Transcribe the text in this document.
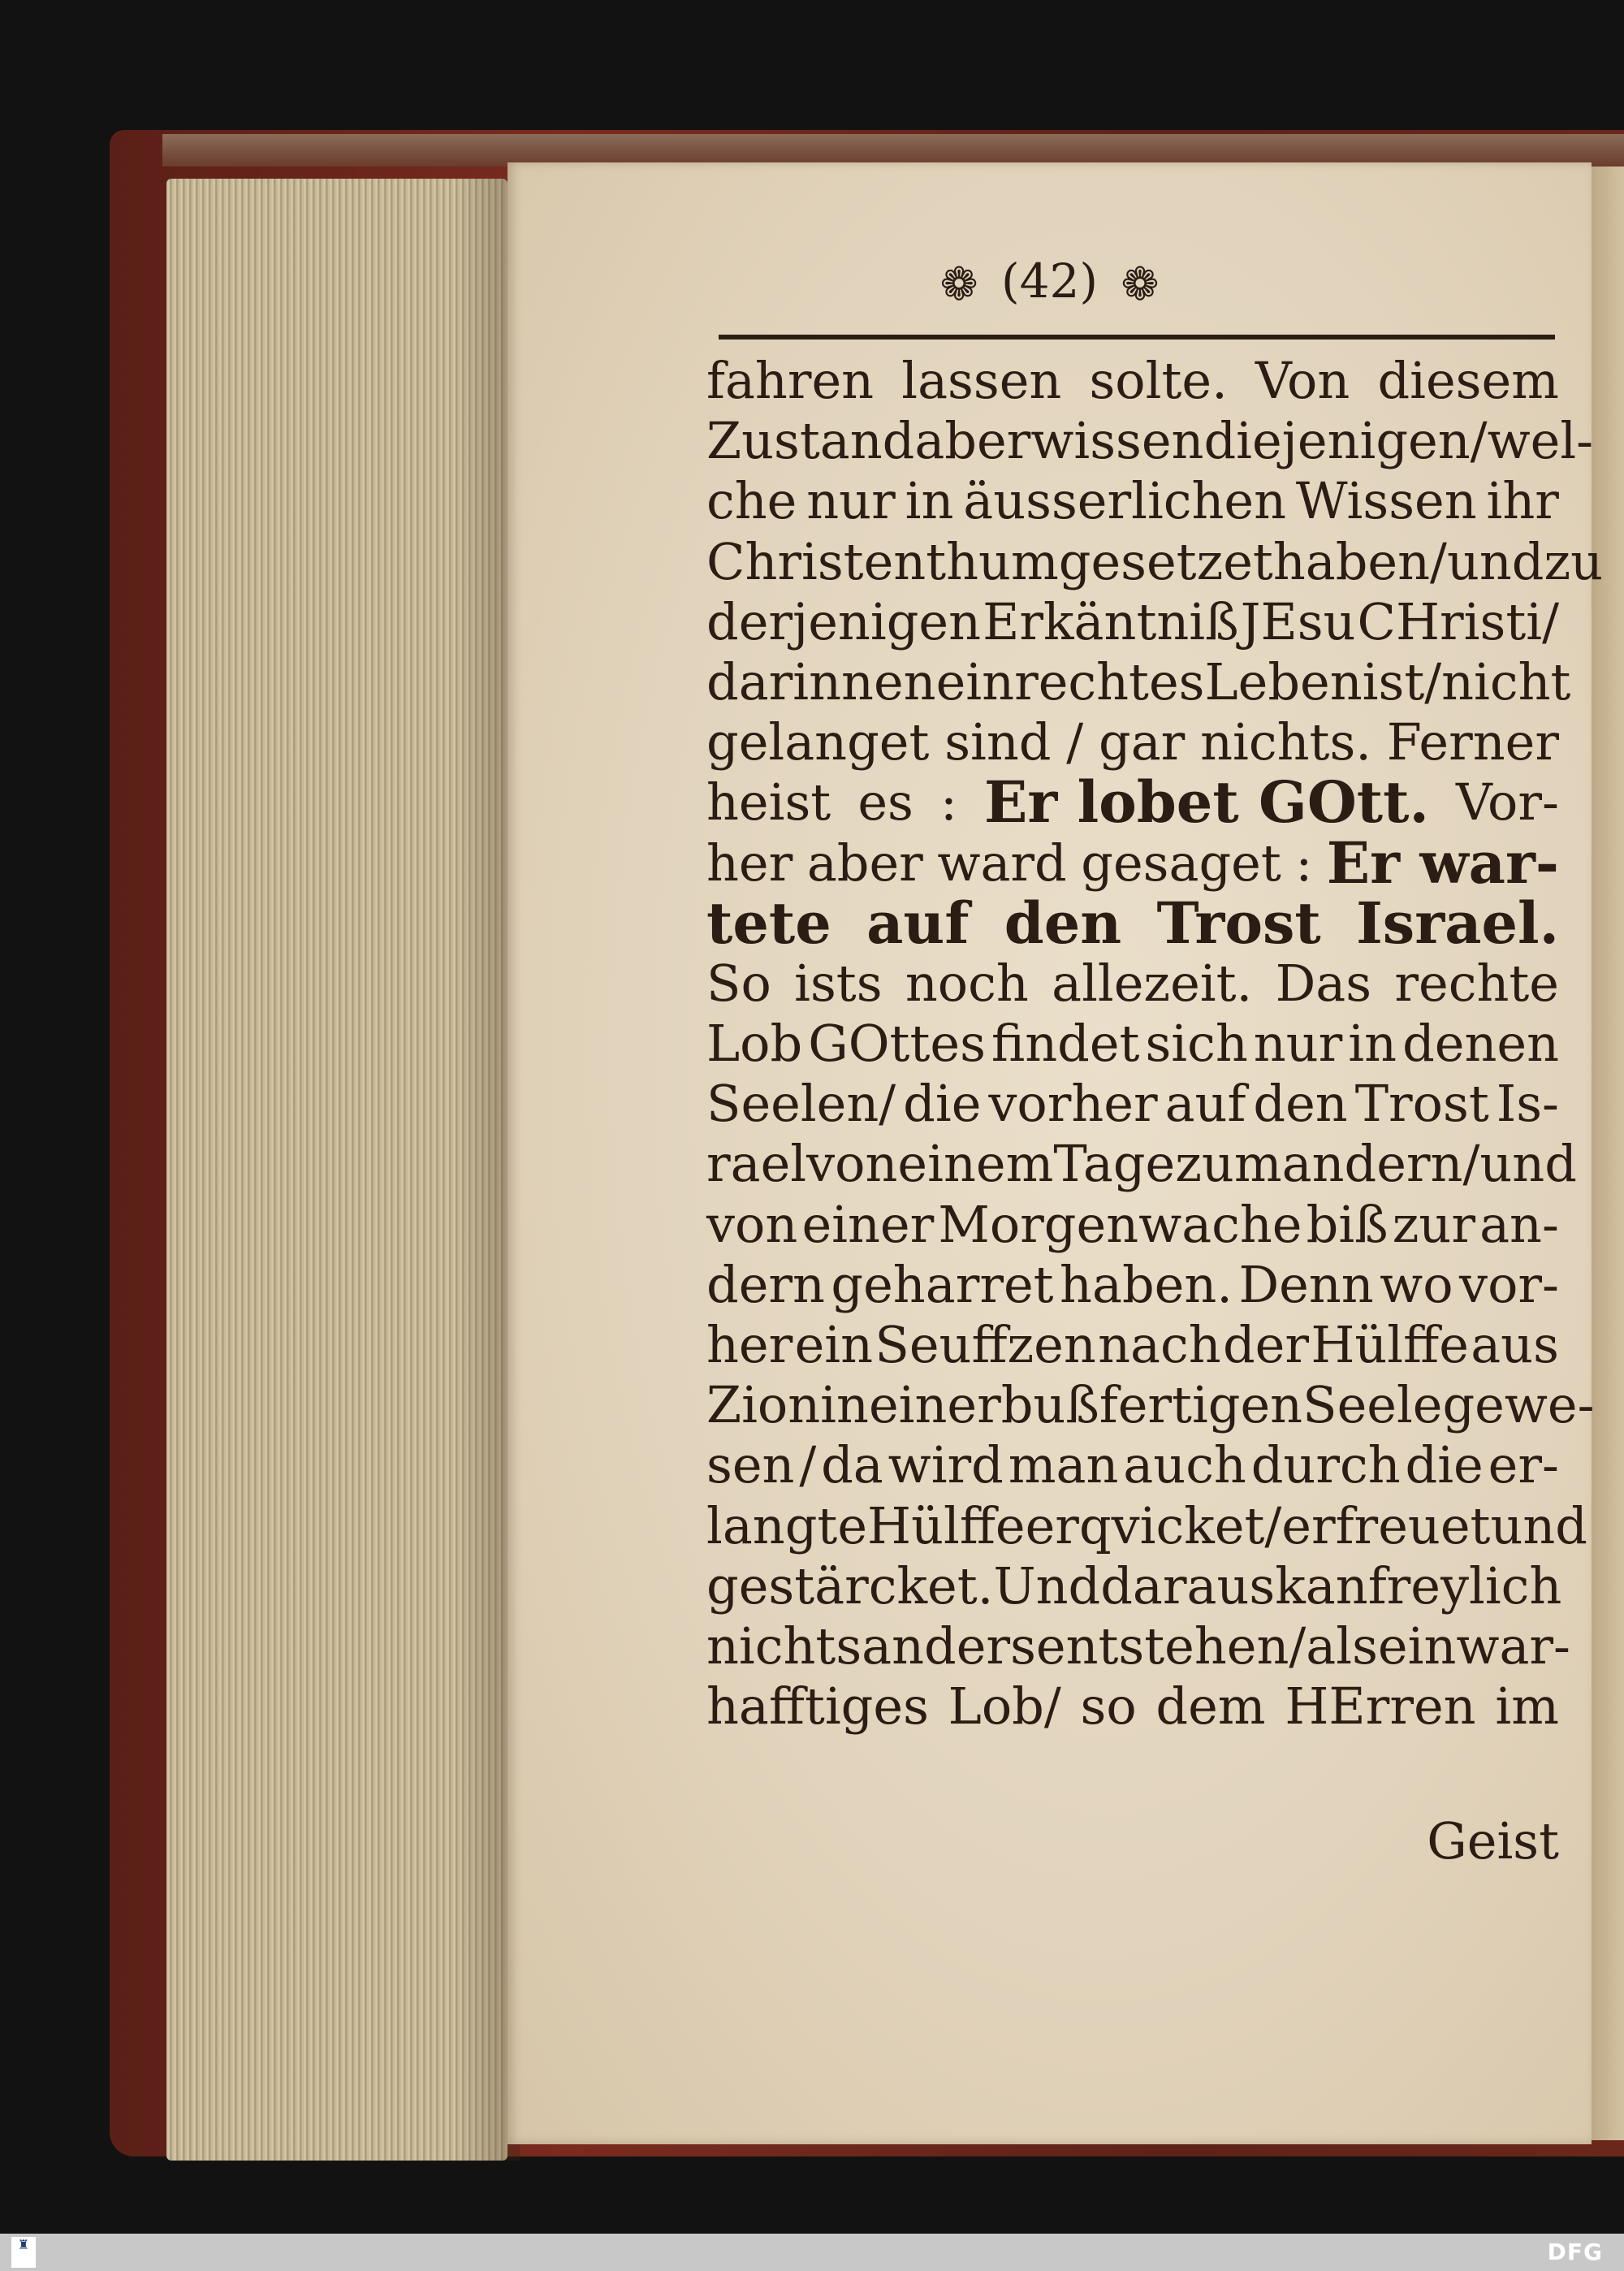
❁ (42) ❁
fahren lassen solte. Von diesem
Zustand aber wissen diejenigen/ wel-
che nur in äusserlichen Wissen ihr
Christenthum gesetzet haben/ und zu
derjenigen Erkäntniß JEsu CHristi/
darinnen ein rechtes Leben ist/ nicht
gelanget sind / gar nichts. Ferner
heist es : Er lobet GOtt. Vor-
her aber ward gesaget : Er war-
tete auf den Trost Israel.
So ists noch allezeit. Das rechte
Lob GOttes findet sich nur in denen
Seelen/ die vorher auf den Trost Is-
rael von einem Tage zum andern/ und
von einer Morgenwache biß zur an-
dern geharret haben. Denn wo vor-
her ein Seuffzen nach der Hülffe aus
Zion in einer bußfertigen Seele gewe-
sen / da wird man auch durch die er-
langte Hülffe erqvicket/ erfreuet und
gestärcket. Und daraus kan freylich
nichts anders entstehen/ als ein war-
hafftiges Lob/ so dem HErren im
Geist
♜	DFG
